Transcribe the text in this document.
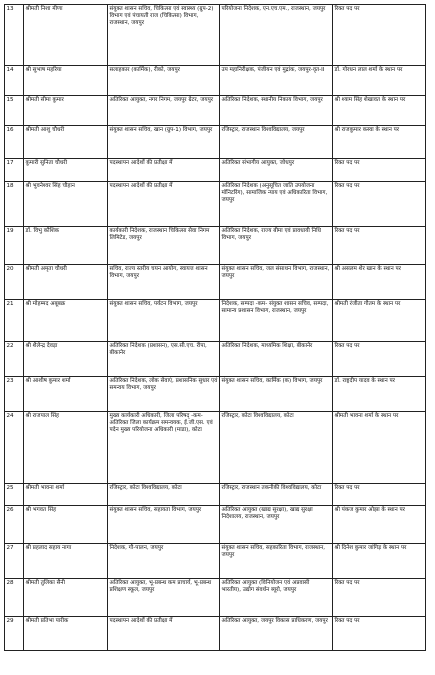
13	श्रीमती निशा मीणा	संयुक्त शासन सचिव, चिकित्सा एवं स्वास्थ्य (ग्रुप-2) विभाग एवं पंचायती राज (चिकित्सा) विभाग, राजस्थान, जयपुर	परियोजना निदेशक, एन.एच.एम., राजस्थान, जयपुर	रिक्त पद पर
14	श्री सुभाष महरिया	सलाहकार (कार्मिक), रीको, जयपुर	उप महानिरीक्षक, पंजीयन एवं मुद्रांक, जयपुर-वृत-II	डॉ. गोरधन लाल शर्मा के स्थान पर
15	श्रीमती सीमा कुमार	अतिरिक्त आयुक्त, नगर निगम, जयपुर ग्रेटर, जयपुर	अतिरिक्त निदेशक, स्थानीय निकाय विभाग, जयपुर	श्री श्याम सिंह शेखावत के स्थान पर
16	श्रीमती आशु चौधरी	संयुक्त शासन सचिव, खान (ग्रुप-1) विभाग, जयपुर	रजिस्ट्रार, राजस्थान विश्वविद्यालय, जयपुर	श्री राजकुमार कस्वा के स्थान पर
17	कुमारी सुनिता चौधरी	पदस्थापन आदेशों की प्रतीक्षा में	अतिरिक्त संभागीय आयुक्त, जोधपुर	रिक्त पद पर
18	श्री भुवनेश्वर सिंह चौहान	पदस्थापन आदेशों की प्रतीक्षा में	अतिरिक्त निदेशक (अनुसूचित जाति उपयोजना मॉनिटरिंग), सामाजिक न्याय एवं अधिकारिता विभाग, जयपुर	रिक्त पद पर
19	डॉ. विभु कौशिक	कार्यकारी निदेशक, राजस्थान चिकित्सा सेवा निगम लिमिटेड, जयपुर	अतिरिक्त निदेशक, राज्य बीमा एवं प्रावधायी निधि विभाग, जयपुर	रिक्त पद पर
20	श्रीमती अमृता चौधरी	सचिव, राज्य स्तरीय चयन आयोग, स्वायत्त शासन विभाग, जयपुर	संयुक्त शासन सचिव, जल संसाधन विभाग, राजस्थान, जयपुर	श्री असलम शेर खान के स्थान पर
21	श्री मोहम्मद अबूबक्र	संयुक्त शासन सचिव, पर्यटन विभाग, जयपुर	निदेशक, सम्पदा -कम- संयुक्त शासन सचिव, सम्पदा, सामान्य प्रशासन विभाग, राजस्थान, जयपुर	श्रीमती रंजीता गौतम के स्थान पर
22	श्री शैलेन्द्र देवड़ा	अतिरिक्त निदेशक (प्रशासन), एस.सी.एच. रीपा, बीकानेर	अतिरिक्त निदेशक, माध्यमिक शिक्षा, बीकानेर	रिक्त पद पर
23	श्री आशीष कुमार शर्मा	अतिरिक्त निदेशक, लोक सेवाएं, प्रशासनिक सुधार एवं समन्वय विभाग, जयपुर	संयुक्त शासन सचिव, कार्मिक (क) विभाग, जयपुर	डॉ. राष्ट्रदीप यादव के स्थान पर
24	श्री राजपाल सिंह	मुख्य कार्यकारी अधिकारी, जिला परिषद् -कम- अतिरिक्त जिला कार्यक्रम समन्वयक, ई.जी.एस. एवं पदेन मुख्य परियोजना अधिकारी (माडा), कोटा	रजिस्ट्रार, कोटा विश्वविद्यालय, कोटा	श्रीमती भावना शर्मा के स्थान पर
25	श्रीमती भावना शर्मा	रजिस्ट्रार, कोटा विश्वविद्यालय, कोटा	रजिस्ट्रार, राजस्थान तकनीकी विश्वविद्यालय, कोटा	रिक्त पद पर
26	श्री भगवत सिंह	संयुक्त शासन सचिव, सहायता विभाग, जयपुर	अतिरिक्त आयुक्त (खाद्य सुरक्षा), खाद्य सुरक्षा निदेशालय, राजस्थान, जयपुर	श्री पंकज कुमार ओझा के स्थान पर
27	श्री प्रहलाद सहाय नागा	निदेशक, गौ-पालन, जयपुर	संयुक्त शासन सचिव, सहकारिता विभाग, राजस्थान, जयपुर	श्री दिनेश कुमार जांगिड़ के स्थान पर
28	श्रीमती तुलिका सैनी	अतिरिक्त आयुक्त, भू-प्रबन्ध कम प्राचार्य, भू-प्रबन्ध प्रशिक्षण स्कूल, जयपुर	अतिरिक्त आयुक्त (विनियोजन एवं अप्रवासी भारतीय), उद्योग संवर्धन ब्यूरो, जयपुर	रिक्त पद पर
29	श्रीमती प्रतिभा पारीक	पदस्थापन आदेशों की प्रतीक्षा में	अतिरिक्त आयुक्त, जयपुर विकास प्राधिकरण, जयपुर	रिक्त पद पर
